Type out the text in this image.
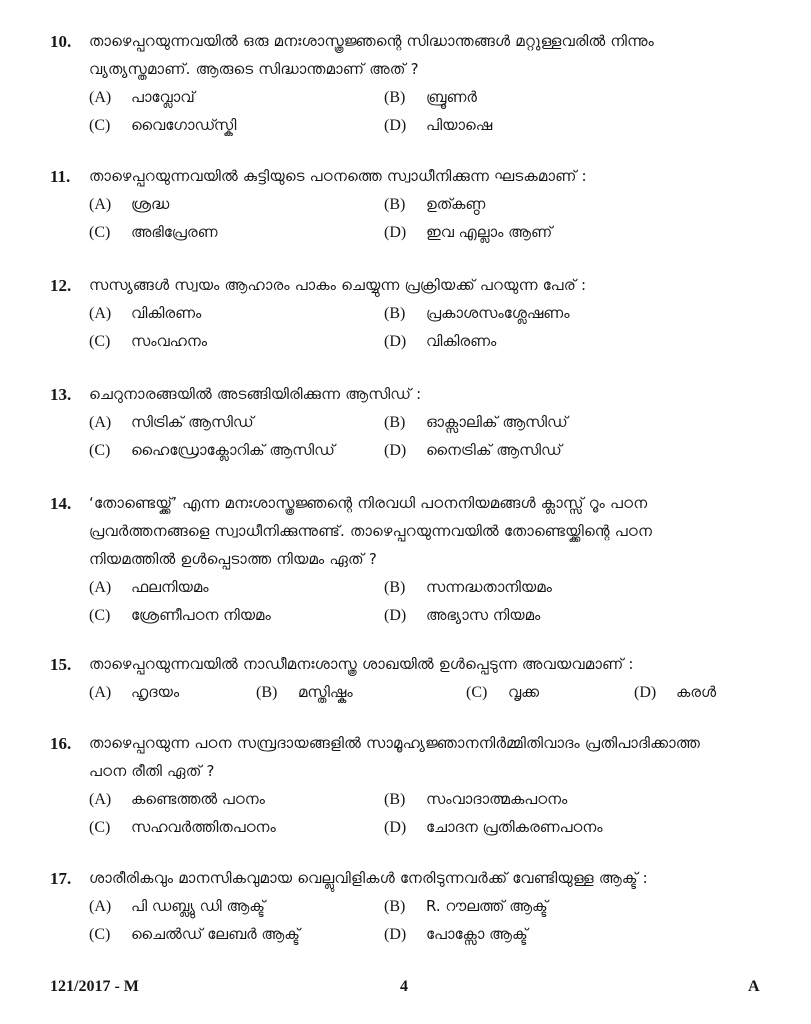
10. താഴെപ്പറയുന്നവയിൽ ഒരു മനഃശാസ്ത്രജ്ഞന്റെ സിദ്ധാന്തങ്ങൾ മറ്റുള്ളവരിൽ നിന്നും
വ്യത്യസ്തമാണ്. ആരുടെ സിദ്ധാന്തമാണ് അത് ?
(A) പാവ്ലോവ്	(B) ബ്രൂണർ
(C) വൈഗോഡ്സ്കി	(D) പിയാഷെ
11. താഴെപ്പറയുന്നവയിൽ കുട്ടിയുടെ പഠനത്തെ സ്വാധീനിക്കുന്ന ഘടകമാണ് :
(A) ശ്രദ്ധ	(B) ഉത്കണ്ഠ
(C) അഭിപ്രേരണ	(D) ഇവ എല്ലാം ആണ്
12. സസ്യങ്ങൾ സ്വയം ആഹാരം പാകം ചെയ്യുന്ന പ്രക്രിയക്ക് പറയുന്ന പേര് :
(A) വികിരണം	(B) പ്രകാശസംശ്ലേഷണം
(C) സംവഹനം	(D) വികിരണം
13. ചെറുനാരങ്ങയിൽ അടങ്ങിയിരിക്കുന്ന ആസിഡ് :
(A) സിട്രിക് ആസിഡ്	(B) ഓക്സാലിക് ആസിഡ്
(C) ഹൈഡ്രോക്ലോറിക് ആസിഡ്	(D) നൈട്രിക് ആസിഡ്
14. ‘തോണ്ടെയ്ക്ക്’ എന്ന മനഃശാസ്ത്രജ്ഞന്റെ നിരവധി പഠനനിയമങ്ങൾ ക്ലാസ്സ് റൂം പഠന
പ്രവർത്തനങ്ങളെ സ്വാധീനിക്കുന്നുണ്ട്. താഴെപ്പറയുന്നവയിൽ തോണ്ടെയ്ക്കിന്റെ പഠന
നിയമത്തിൽ ഉൾപ്പെടാത്ത നിയമം ഏത് ?
(A) ഫലനിയമം	(B) സന്നദ്ധതാനിയമം
(C) ശ്രേണീപഠന നിയമം	(D) അഭ്യാസ നിയമം
15. താഴെപ്പറയുന്നവയിൽ നാഡീമനഃശാസ്ത്ര ശാഖയിൽ ഉൾപ്പെടുന്ന അവയവമാണ് :
(A) ഹൃദയം	(B) മസ്തിഷ്കം	(C) വൃക്ക	(D) കരൾ
16. താഴെപ്പറയുന്ന പഠന സമ്പ്രദായങ്ങളിൽ സാമൂഹ്യജ്ഞാനനിർമ്മിതിവാദം പ്രതിപാദിക്കാത്ത
പഠന രീതി ഏത് ?
(A) കണ്ടെത്തൽ പഠനം	(B) സംവാദാത്മകപഠനം
(C) സഹവർത്തിതപഠനം	(D) ചോദന പ്രതികരണപഠനം
17. ശാരീരികവും മാനസികവുമായ വെല്ലുവിളികൾ നേരിടുന്നവർക്ക് വേണ്ടിയുള്ള ആക്ട് :
(A) പി ഡബ്ല്യു ഡി ആക്ട്	(B) R. റൗലത്ത് ആക്ട്
(C) ചൈൽഡ് ലേബർ ആക്ട്	(D) പോക്സോ ആക്ട്
121/2017 - M	4	A
